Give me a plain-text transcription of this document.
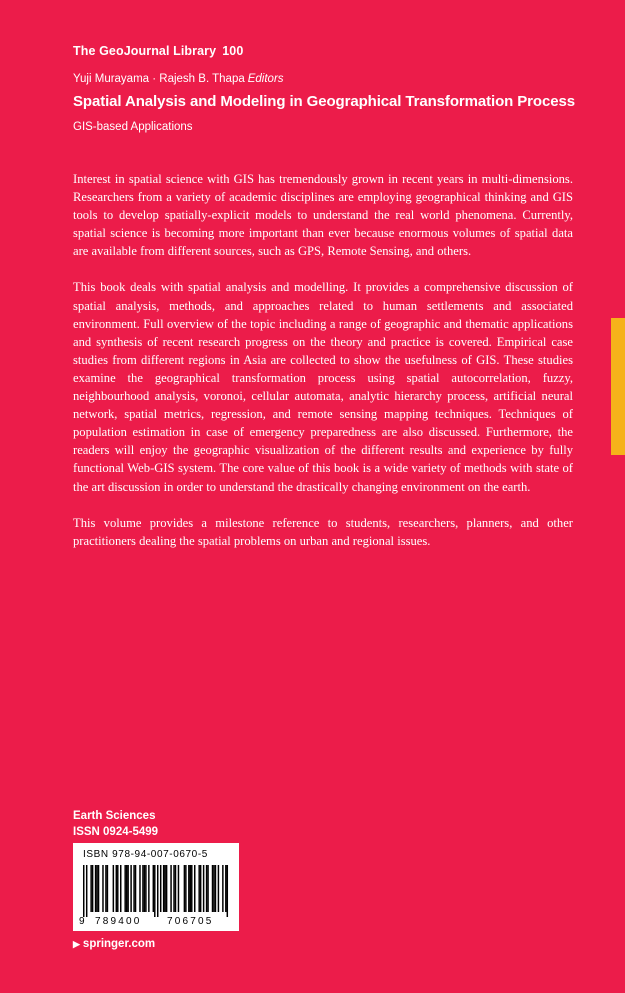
The GeoJournal Library 100
Yuji Murayama · Rajesh B. Thapa Editors
Spatial Analysis and Modeling in Geographical Transformation Process
GIS-based Applications

Interest in spatial science with GIS has tremendously grown in recent years in multi-dimensions. Researchers from a variety of academic disciplines are employing geographical thinking and GIS tools to develop spatially-explicit models to understand the real world phenomena. Currently, spatial science is becoming more important than ever because enormous volumes of spatial data are available from different sources, such as GPS, Remote Sensing, and others.

This book deals with spatial analysis and modelling. It provides a comprehensive discussion of spatial analysis, methods, and approaches related to human settlements and associated environment. Full overview of the topic including a range of geographic and thematic applications and synthesis of recent research progress on the theory and practice is covered. Empirical case studies from different regions in Asia are collected to show the usefulness of GIS. These studies examine the geographical transformation process using spatial autocorrelation, fuzzy, neighbourhood analysis, voronoi, cellular automata, analytic hierarchy process, artificial neural network, spatial metrics, regression, and remote sensing mapping techniques. Techniques of population estimation in case of emergency preparedness are also discussed. Furthermore, the readers will enjoy the geographic visualization of the different results and experience by fully functional Web-GIS system. The core value of this book is a wide variety of methods with state of the art discussion in order to understand the drastically changing environment on the earth.

This volume provides a milestone reference to students, researchers, planners, and other practitioners dealing the spatial problems on urban and regional issues.

Earth Sciences
ISSN 0924-5499
ISBN 978-94-007-0670-5
9 789400	706705
▶ springer.com
